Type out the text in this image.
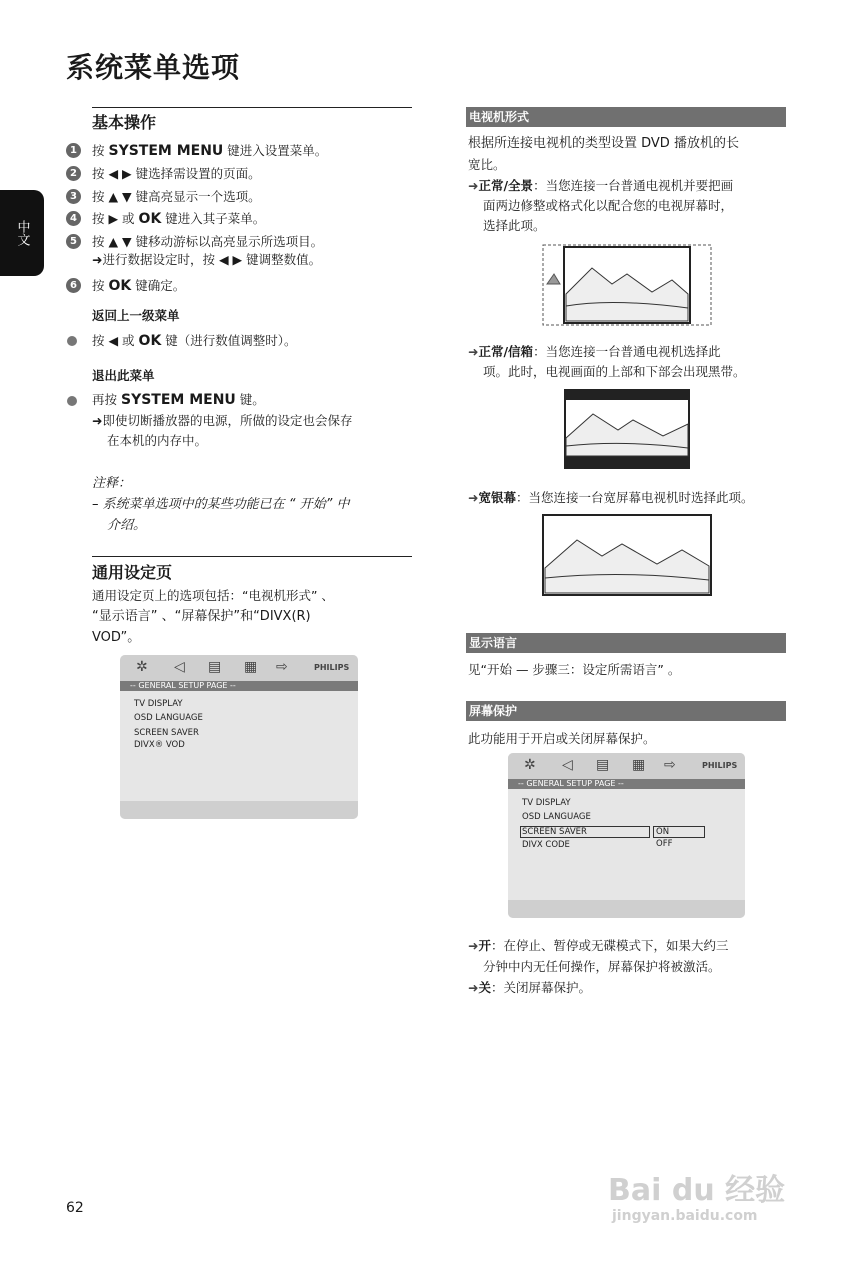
系统菜单选项
中文
基本操作
1	按 SYSTEM MENU 键进入设置菜单。
2	按 ◀ ▶ 键选择需设置的页面。
3	按 ▲ ▼ 键高亮显示一个选项。
4	按 ▶ 或 OK 键进入其子菜单。
5	按 ▲ ▼ 键移动游标以高亮显示所选项目。
➜进行数据设定时，按 ◀ ▶ 键调整数值。
6	按 OK 键确定。
返回上一级菜单
按 ◀ 或 OK 键（进行数值调整时）。
退出此菜单
再按 SYSTEM MENU 键。
➜即使切断播放器的电源，所做的设定也会保存
在本机的内存中。
注释：
– 系统菜单选项中的某些功能已在 “ 开始” 中
介绍。
通用设定页
通用设定页上的选项包括：“电视机形式” 、
“显示语言” 、“屏幕保护”和“DIVX(R)
VOD”。
✲ ◁ ▤ ▦ ⇨	PHILIPS
-- GENERAL SETUP PAGE --
TV DISPLAY
OSD LANGUAGE
SCREEN SAVER
DIVX® VOD
电视机形式
根据所连接电视机的类型设置 DVD 播放机的长
宽比。
➜正常/全景：当您连接一台普通电视机并要把画
面两边修整或格式化以配合您的电视屏幕时，
选择此项。
➜正常/信箱：当您连接一台普通电视机选择此
项。此时，电视画面的上部和下部会出现黑带。
➜宽银幕：当您连接一台宽屏幕电视机时选择此项。
显示语言
见“开始 — 步骤三：设定所需语言” 。
屏幕保护
此功能用于开启或关闭屏幕保护。
✲ ◁ ▤ ▦ ⇨	PHILIPS
-- GENERAL SETUP PAGE --
TV DISPLAY
OSD LANGUAGE
SCREEN SAVER
DIVX CODE
ON
OFF
➜开：在停止、暂停或无碟模式下，如果大约三
分钟中内无任何操作，屏幕保护将被激活。
➜关：关闭屏幕保护。
62	Bai du 经验
jingyan.baidu.com
